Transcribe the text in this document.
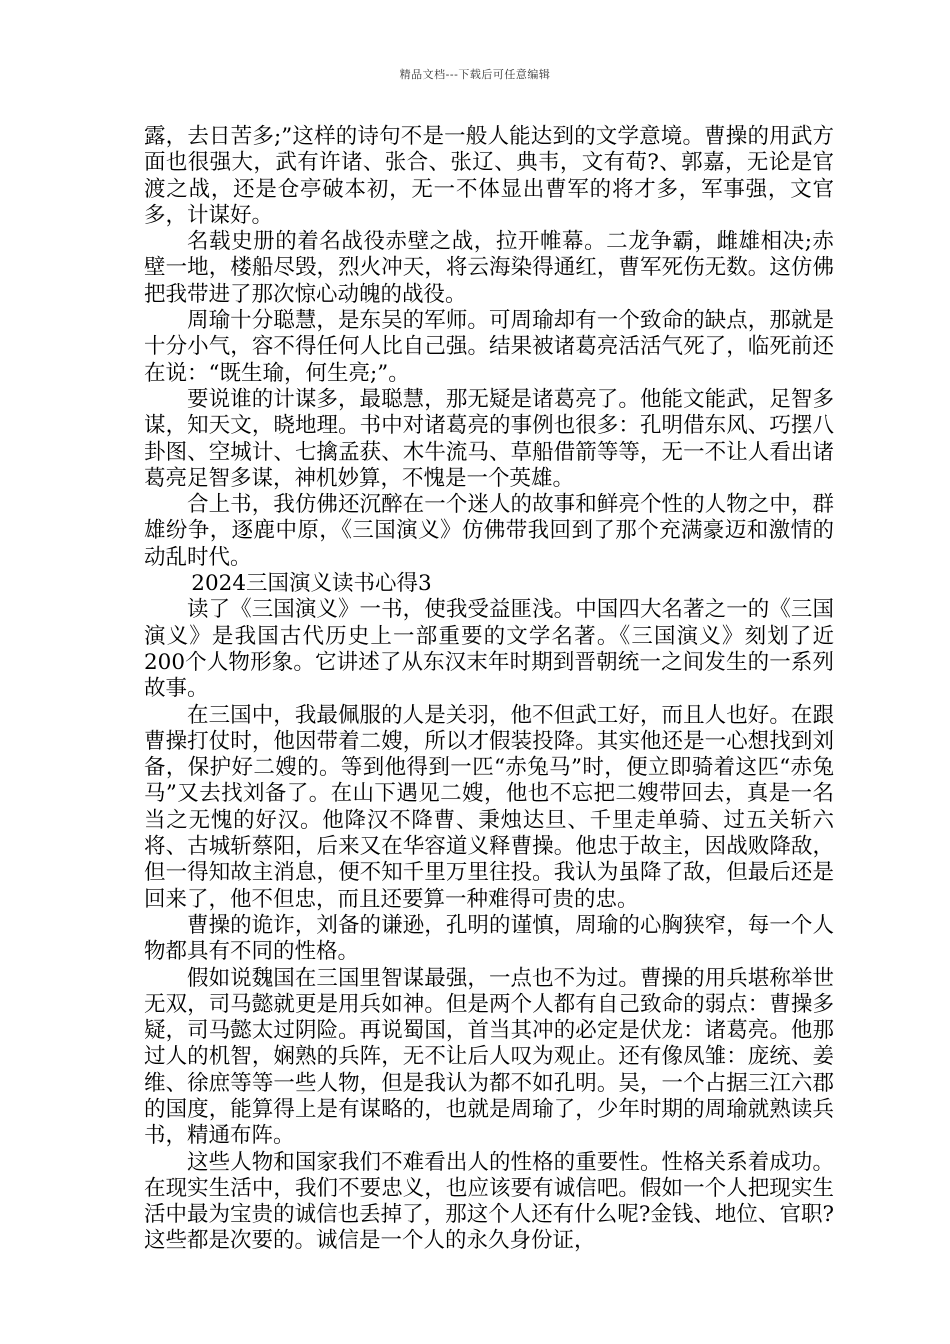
精品文档---下载后可任意编辑

露，去日苦多;”这样的诗句不是一般人能达到的文学意境。曹操的用武方面也很强大，武有许诸、张合、张辽、典韦，文有荀?、郭嘉，无论是官渡之战，还是仓亭破本初，无一不体显出曹军的将才多，军事强，文官多，计谋好。

名载史册的着名战役赤壁之战，拉开帷幕。二龙争霸，雌雄相决;赤壁一地，楼船尽毁，烈火冲天，将云海染得通红，曹军死伤无数。这仿佛把我带进了那次惊心动魄的战役。

周瑜十分聪慧，是东吴的军师。可周瑜却有一个致命的缺点，那就是十分小气，容不得任何人比自己强。结果被诸葛亮活活气死了，临死前还在说：“既生瑜，何生亮;”。

要说谁的计谋多，最聪慧，那无疑是诸葛亮了。他能文能武，足智多谋，知天文，晓地理。书中对诸葛亮的事例也很多：孔明借东风、巧摆八卦图、空城计、七擒孟获、木牛流马、草船借箭等等，无一不让人看出诸葛亮足智多谋，神机妙算，不愧是一个英雄。

合上书，我仿佛还沉醉在一个迷人的故事和鲜亮个性的人物之中，群雄纷争，逐鹿中原，《三国演义》仿佛带我回到了那个充满豪迈和激情的动乱时代。

2024三国演义读书心得3

读了《三国演义》一书，使我受益匪浅。中国四大名著之一的《三国演义》是我国古代历史上一部重要的文学名著。《三国演义》刻划了近200个人物形象。它讲述了从东汉末年时期到晋朝统一之间发生的一系列故事。

在三国中，我最佩服的人是关羽，他不但武工好，而且人也好。在跟曹操打仗时，他因带着二嫂，所以才假装投降。其实他还是一心想找到刘备，保护好二嫂的。等到他得到一匹“赤兔马”时，便立即骑着这匹“赤兔马”又去找刘备了。在山下遇见二嫂，他也不忘把二嫂带回去，真是一名当之无愧的好汉。他降汉不降曹、秉烛达旦、千里走单骑、过五关斩六将、古城斩蔡阳，后来又在华容道义释曹操。他忠于故主，因战败降敌，但一得知故主消息，便不知千里万里往投。我认为虽降了敌，但最后还是回来了，他不但忠，而且还要算一种难得可贵的忠。

曹操的诡诈，刘备的谦逊，孔明的谨慎，周瑜的心胸狭窄，每一个人物都具有不同的性格。

假如说魏国在三国里智谋最强，一点也不为过。曹操的用兵堪称举世无双，司马懿就更是用兵如神。但是两个人都有自己致命的弱点：曹操多疑，司马懿太过阴险。再说蜀国，首当其冲的必定是伏龙：诸葛亮。他那过人的机智，娴熟的兵阵，无不让后人叹为观止。还有像凤雏：庞统、姜维、徐庶等等一些人物，但是我认为都不如孔明。吴，一个占据三江六郡的国度，能算得上是有谋略的，也就是周瑜了，少年时期的周瑜就熟读兵书，精通布阵。

这些人物和国家我们不难看出人的性格的重要性。性格关系着成功。在现实生活中，我们不要忠义，也应该要有诚信吧。假如一个人把现实生活中最为宝贵的诚信也丢掉了，那这个人还有什么呢?金钱、地位、官职?这些都是次要的。诚信是一个人的永久身份证，
